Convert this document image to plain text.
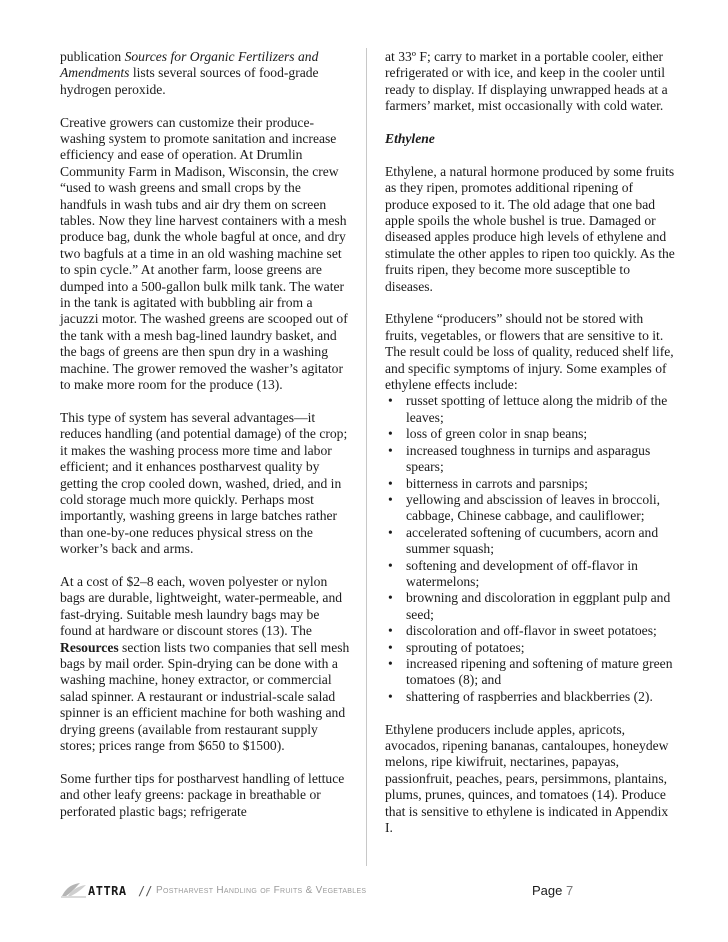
publication Sources for Organic Fertilizers and Amendments lists several sources of food-grade hydrogen peroxide.

Creative growers can customize their produce-washing system to promote sanitation and increase efficiency and ease of operation. At Drumlin Community Farm in Madison, Wisconsin, the crew “used to wash greens and small crops by the handfuls in wash tubs and air dry them on screen tables. Now they line harvest containers with a mesh produce bag, dunk the whole bagful at once, and dry two bagfuls at a time in an old washing machine set to spin cycle.” At another farm, loose greens are dumped into a 500-gallon bulk milk tank. The water in the tank is agitated with bubbling air from a jacuzzi motor. The washed greens are scooped out of the tank with a mesh bag-lined laundry basket, and the bags of greens are then spun dry in a washing machine. The grower removed the washer’s agitator to make more room for the produce (13).

This type of system has several advantages—it reduces handling (and potential damage) of the crop; it makes the washing process more time and labor efficient; and it enhances postharvest quality by getting the crop cooled down, washed, dried, and in cold storage much more quickly. Perhaps most importantly, washing greens in large batches rather than one-by-one reduces physical stress on the worker’s back and arms.

At a cost of $2–8 each, woven polyester or nylon bags are durable, lightweight, water-permeable, and fast-drying. Suitable mesh laundry bags may be found at hardware or discount stores (13). The Resources section lists two companies that sell mesh bags by mail order. Spin-drying can be done with a washing machine, honey extractor, or commercial salad spinner. A restaurant or industrial-scale salad spinner is an efficient machine for both washing and drying greens (available from restaurant supply stores; prices range from $650 to $1500).

Some further tips for postharvest handling of lettuce and other leafy greens: package in breathable or perforated plastic bags; refrigerate

at 33º F; carry to market in a portable cooler, either refrigerated or with ice, and keep in the cooler until ready to display. If displaying unwrapped heads at a farmers’ market, mist occasionally with cold water.

Ethylene

Ethylene, a natural hormone produced by some fruits as they ripen, promotes additional ripening of produce exposed to it. The old adage that one bad apple spoils the whole bushel is true. Damaged or diseased apples produce high levels of ethylene and stimulate the other apples to ripen too quickly. As the fruits ripen, they become more susceptible to diseases.

Ethylene “producers” should not be stored with fruits, vegetables, or flowers that are sensitive to it. The result could be loss of quality, reduced shelf life, and specific symptoms of injury. Some examples of ethylene effects include:

• russet spotting of lettuce along the midrib of the leaves;
• loss of green color in snap beans;
• increased toughness in turnips and asparagus spears;
• bitterness in carrots and parsnips;
• yellowing and abscission of leaves in broccoli, cabbage, Chinese cabbage, and cauliflower;
• accelerated softening of cucumbers, acorn and summer squash;
• softening and development of off-flavor in watermelons;
• browning and discoloration in eggplant pulp and seed;
• discoloration and off-flavor in sweet potatoes;
• sprouting of potatoes;
• increased ripening and softening of mature green tomatoes (8); and
• shattering of raspberries and blackberries (2).

Ethylene producers include apples, apricots, avocados, ripening bananas, cantaloupes, honeydew melons, ripe kiwifruit, nectarines, papayas, passionfruit, peaches, pears, persimmons, plantains, plums, prunes, quinces, and tomatoes (14). Produce that is sensitive to ethylene is indicated in Appendix I.

ATTRA // Postharvest Handling of Fruits & Vegetables	Page 7
